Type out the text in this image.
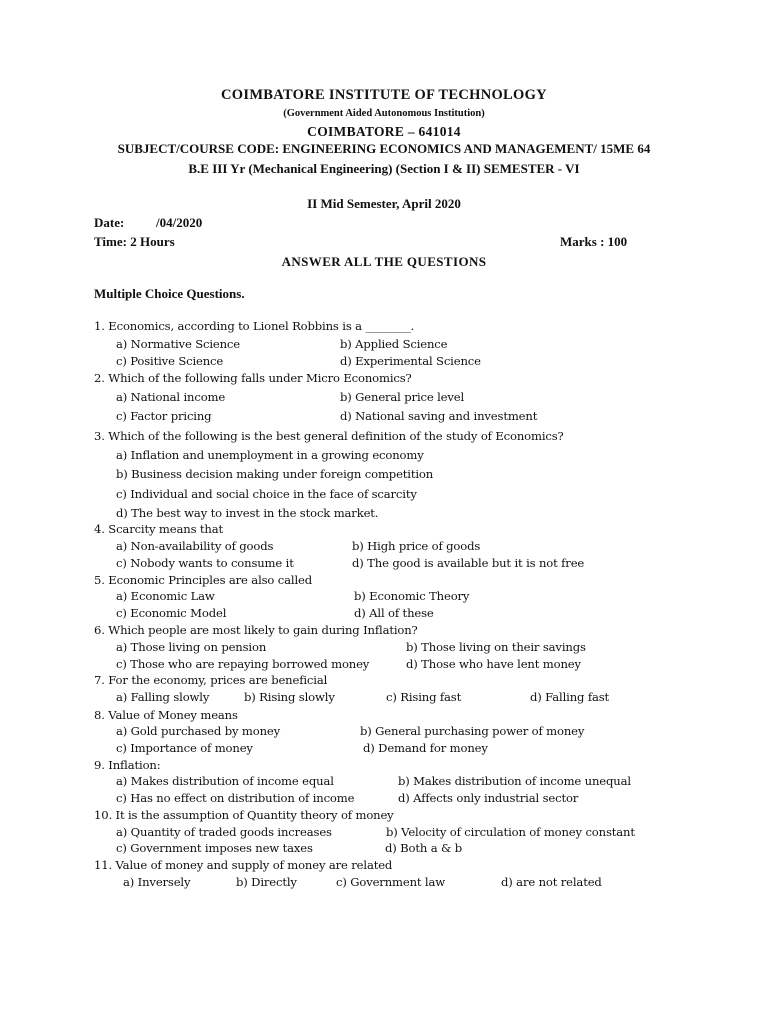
COIMBATORE INSTITUTE OF TECHNOLOGY
(Government Aided Autonomous Institution)
COIMBATORE – 641014
SUBJECT/COURSE CODE: ENGINEERING ECONOMICS AND MANAGEMENT/ 15ME 64
B.E III Yr (Mechanical Engineering) (Section I & II) SEMESTER - VI
II Mid Semester, April 2020
Date: /04/2020
Time: 2 Hours	Marks : 100
ANSWER ALL THE QUESTIONS
Multiple Choice Questions.
1. Economics, according to Lionel Robbins is a ________.
a) Normative Science	b) Applied Science
c) Positive Science	d) Experimental Science
2. Which of the following falls under Micro Economics?
a) National income	b) General price level
c) Factor pricing	d) National saving and investment
3. Which of the following is the best general definition of the study of Economics?
a) Inflation and unemployment in a growing economy
b) Business decision making under foreign competition
c) Individual and social choice in the face of scarcity
d) The best way to invest in the stock market.
4. Scarcity means that
a) Non-availability of goods	b) High price of goods
c) Nobody wants to consume it	d) The good is available but it is not free
5. Economic Principles are also called
a) Economic Law	b) Economic Theory
c) Economic Model	d) All of these
6. Which people are most likely to gain during Inflation?
a) Those living on pension	b) Those living on their savings
c) Those who are repaying borrowed money	d) Those who have lent money
7. For the economy, prices are beneficial
a) Falling slowly	b) Rising slowly	c) Rising fast	d) Falling fast
8. Value of Money means
a) Gold purchased by money	b) General purchasing power of money
c) Importance of money	d) Demand for money
9. Inflation:
a) Makes distribution of income equal	b) Makes distribution of income unequal
c) Has no effect on distribution of income	d) Affects only industrial sector
10. It is the assumption of Quantity theory of money
a) Quantity of traded goods increases	b) Velocity of circulation of money constant
c) Government imposes new taxes	d) Both a & b
11. Value of money and supply of money are related
a) Inversely	b) Directly	c) Government law	d) are not related
